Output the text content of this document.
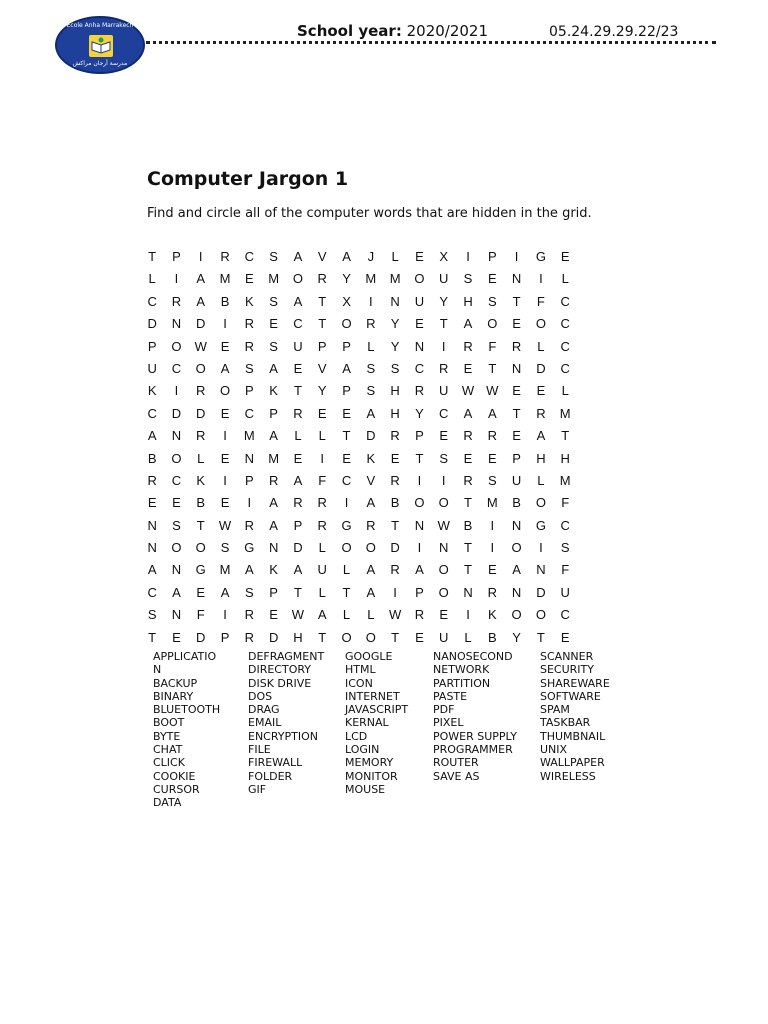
Ecole Anha Marrakech
مدرسة أرجان مراكش
School year: 2020/2021	05.24.29.29.22/23
Computer Jargon 1
Find and circle all of the computer words that are hidden in the grid.
T	P	I	R	C	S	A	V	A	J	L	E	X	I	P	I	G	E
L	I	A	M	E	M	O	R	Y	M	M	O	U	S	E	N	I	L
C	R	A	B	K	S	A	T	X	I	N	U	Y	H	S	T	F	C
D	N	D	I	R	E	C	T	O	R	Y	E	T	A	O	E	O	C
P	O	W	E	R	S	U	P	P	L	Y	N	I	R	F	R	L	C
U	C	O	A	S	A	E	V	A	S	S	C	R	E	T	N	D	C
K	I	R	O	P	K	T	Y	P	S	H	R	U	W W	E	E	L
C	D	D	E	C	P	R	E	E	A	H	Y	C	A	A	T	R	M
A	N	R	I	M	A	L	L	T	D	R	P	E	R	R	E	A	T
B	O	L	E	N	M	E	I	E	K	E	T	S	E	E	P	H	H
R	C	K	I	P	R	A	F	C	V	R	I	I	R	S	U	L	M
E	E	B	E	I	A	R	R	I	A	B	O	O	T	M	B	O	F
N	S	T	W	R	A	P	R	G	R	T	N	W	B	I	N	G	C
N	O	O	S	G	N	D	L	O	O	D	I	N	T	I	O	I	S
A	N	G	M	A	K	A	U	L	A	R	A	O	T	E	A	N	F
C	A	E	A	S	P	T	L	T	A	I	P	O	N	R	N	D	U
S	N	F	I	R	E	W	A	L	L	W	R	E	I	K	O	O	C
T	E	D	P	R	D	H	T	O	O	T	E	U	L	B	Y	T	E
APPLICATIO
N
BACKUP
BINARY
BLUETOOTH
BOOT
BYTE
CHAT
CLICK
COOKIE
CURSOR
DATA
DEFRAGMENT
DIRECTORY
DISK DRIVE
DOS
DRAG
EMAIL
ENCRYPTION
FILE
FIREWALL
FOLDER
GIF
GOOGLE
HTML
ICON
INTERNET
JAVASCRIPT
KERNAL
LCD
LOGIN
MEMORY
MONITOR
MOUSE
NANOSECOND
NETWORK
PARTITION
PASTE
PDF
PIXEL
POWER SUPPLY
PROGRAMMER
ROUTER
SAVE AS
SCANNER
SECURITY
SHAREWARE
SOFTWARE
SPAM
TASKBAR
THUMBNAIL
UNIX
WALLPAPER
WIRELESS
